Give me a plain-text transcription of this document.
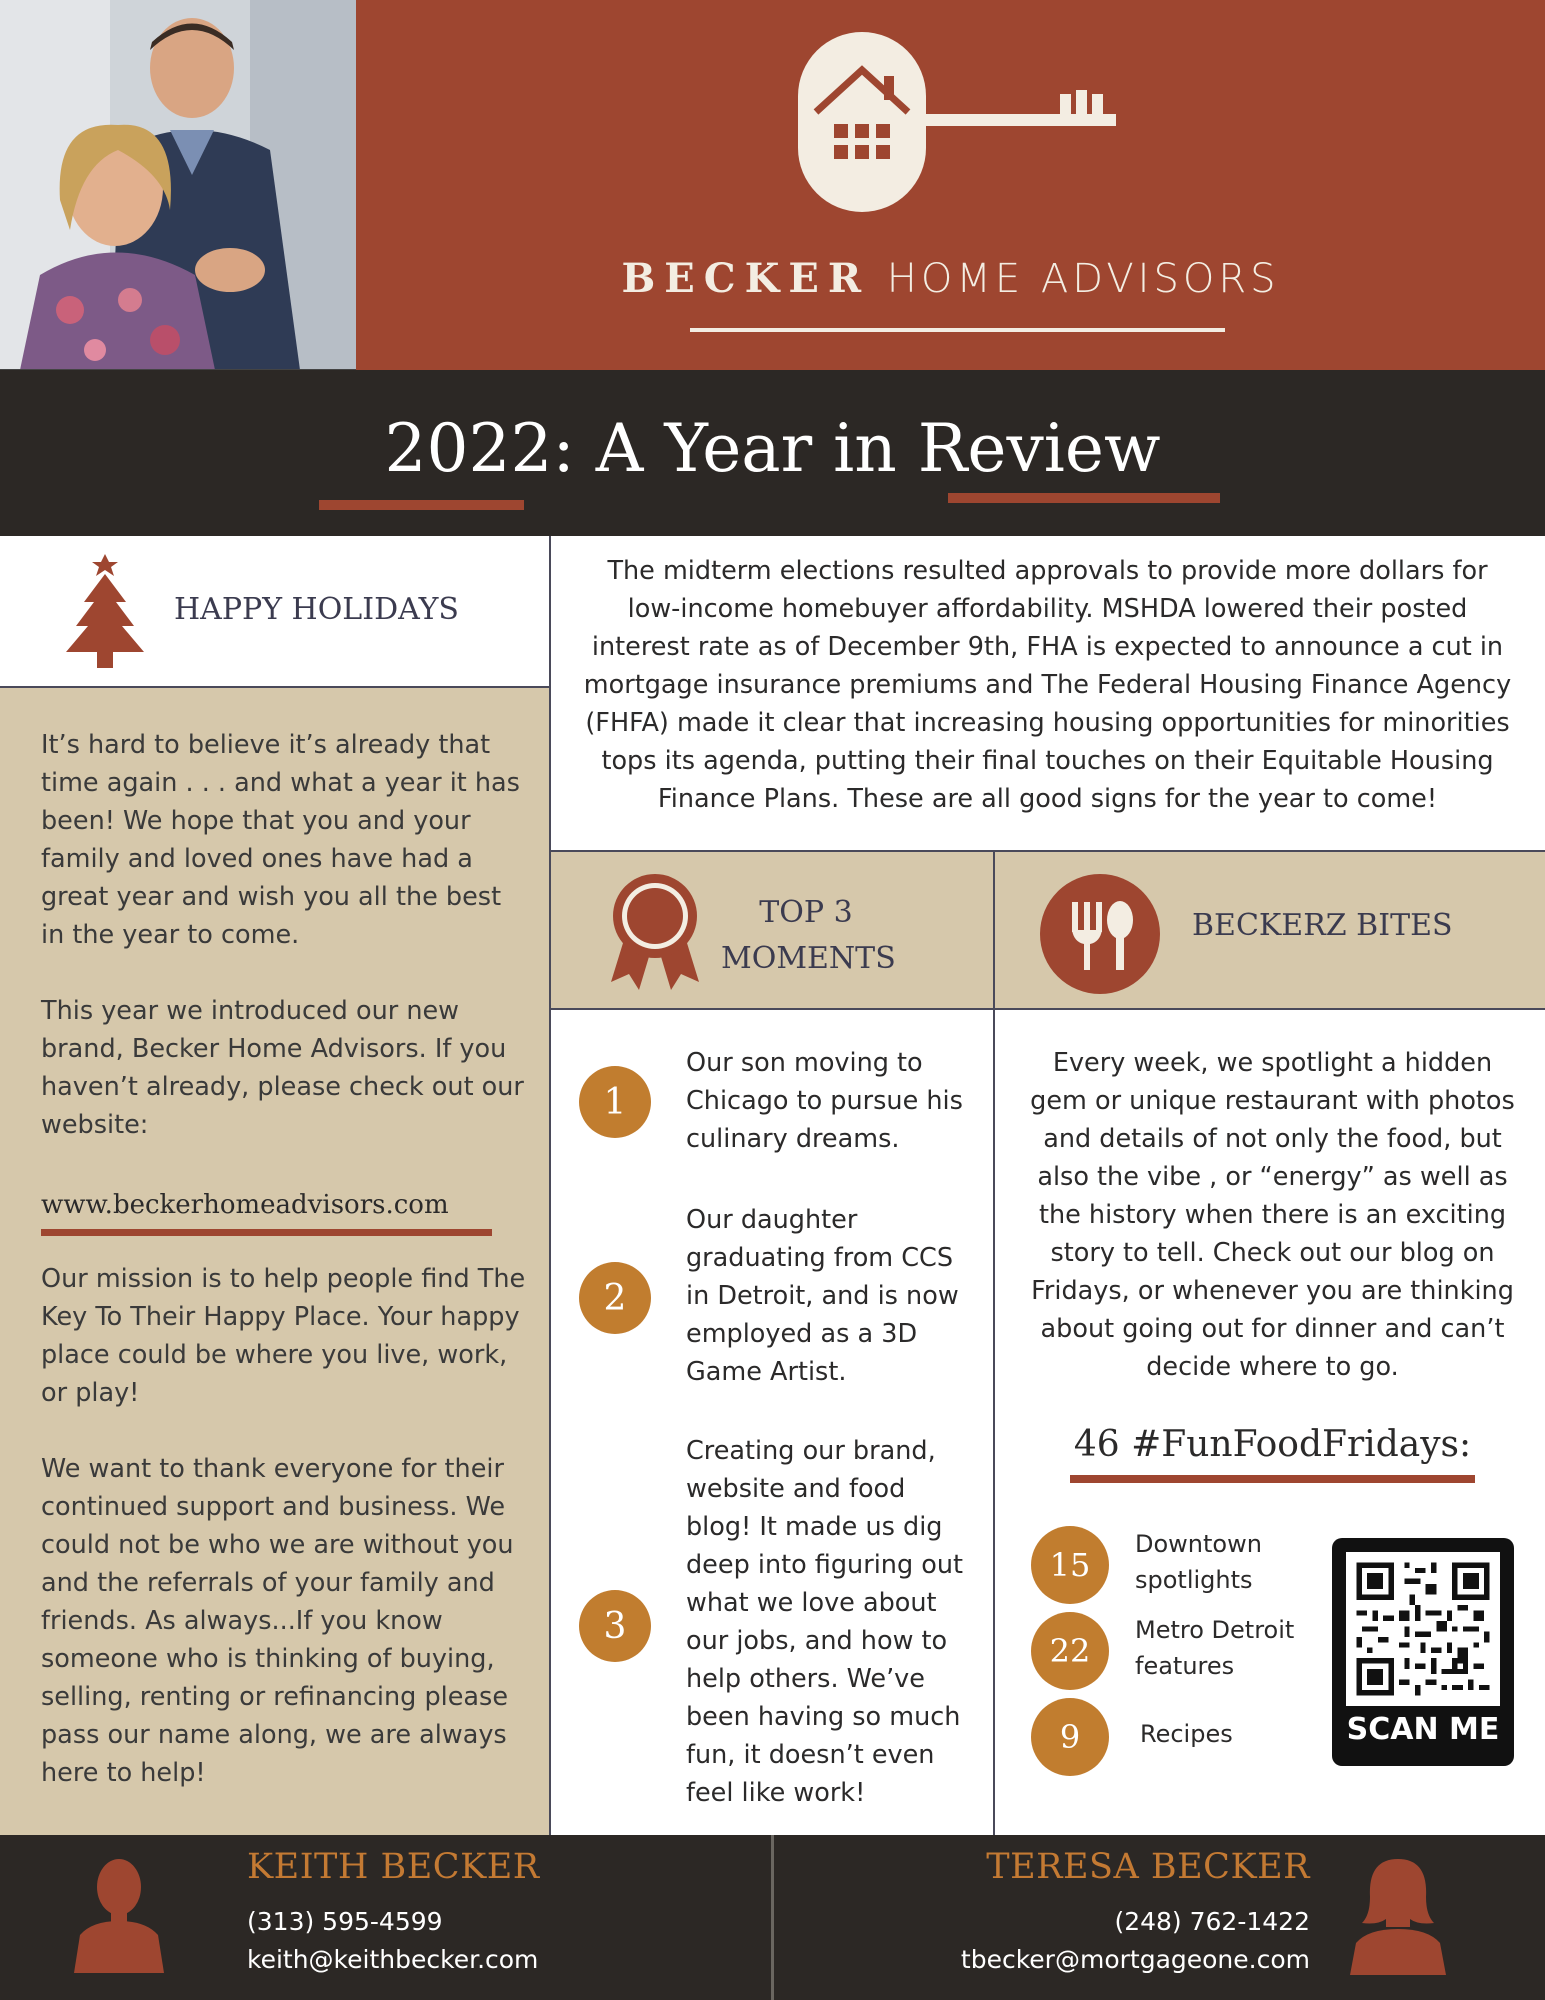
BECKER HOME ADVISORS
2022: A Year in Review
HAPPY HOLIDAYS

It’s hard to believe it’s already that time again . . . and what a year it has been! We hope that you and your family and loved ones have had a great year and wish you all the best in the year to come.

This year we introduced our new brand, Becker Home Advisors. If you haven’t already, please check out our website:

www.beckerhomeadvisors.com

Our mission is to help people find The Key To Their Happy Place. Your happy place could be where you live, work, or play!

We want to thank everyone for their continued support and business. We could not be who we are without you and the referrals of your family and friends. As always...If you know someone who is thinking of buying, selling, renting or refinancing please pass our name along, we are always here to help!

The midterm elections resulted approvals to provide more dollars for low-income homebuyer affordability. MSHDA lowered their posted interest rate as of December 9th, FHA is expected to announce a cut in mortgage insurance premiums and The Federal Housing Finance Agency (FHFA) made it clear that increasing housing opportunities for minorities tops its agenda, putting their final touches on their Equitable Housing Finance Plans. These are all good signs for the year to come!

TOP 3
MOMENTS
BECKERZ BITES
1

Our son moving to Chicago to pursue his culinary dreams.

2

Our daughter graduating from CCS in Detroit, and is now employed as a 3D Game Artist.

3

Creating our brand, website and food blog! It made us dig deep into figuring out what we love about our jobs, and how to help others. We’ve been having so much fun, it doesn’t even feel like work!

Every week, we spotlight a hidden gem or unique restaurant with photos and details of not only the food, but also the vibe , or “energy” as well as the history when there is an exciting story to tell. Check out our blog on Fridays, or whenever you are thinking about going out for dinner and can’t decide where to go.

46 #FunFoodFridays:
15

Downtown spotlights

22

Metro Detroit features

9	Recipes	SCAN ME
KEITH BECKER
(313) 595-4599
keith@keithbecker.com
TERESA BECKER
(248) 762-1422
tbecker@mortgageone.com
